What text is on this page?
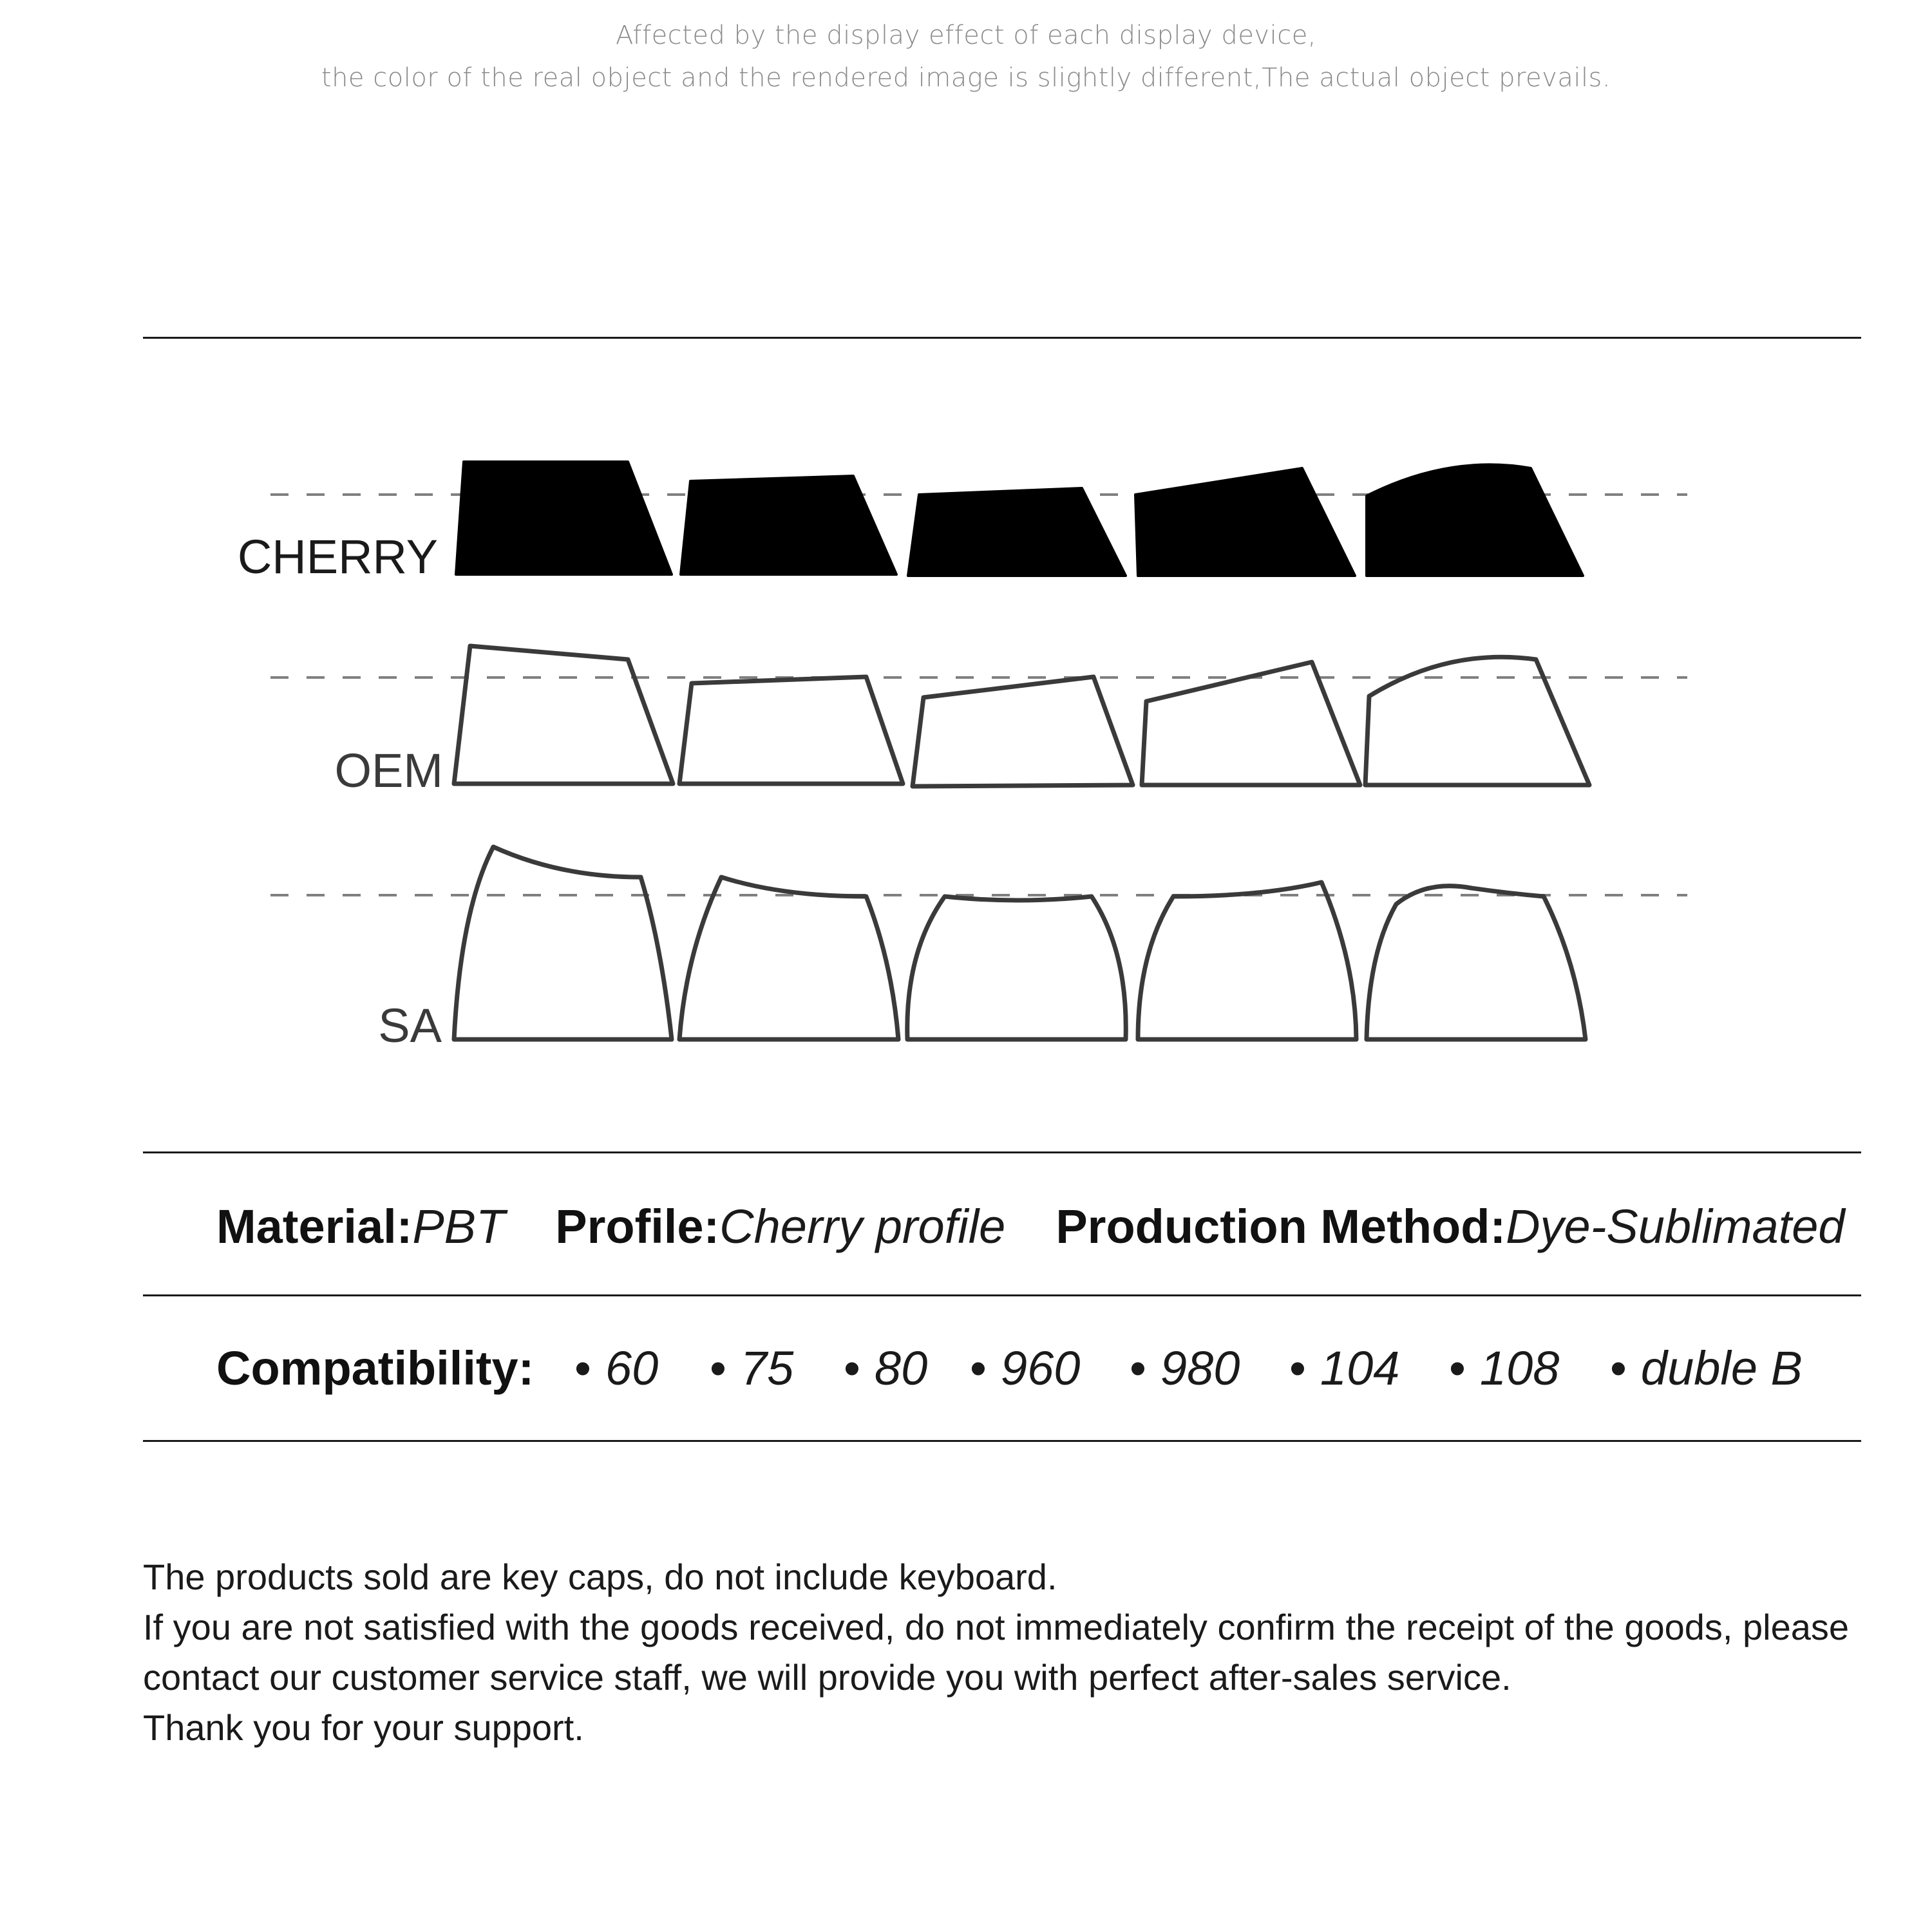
Affected by the display effect of each display device,
the color of the real object and the rendered image is slightly different,The actual object prevails.
CHERRY
OEM
SA
Material:PBT Profile:Cherry profile Production Method:Dye-Sublimated
Compatibility: • 60 • 75 • 80 • 960 • 980 • 104 • 108 • duble B
The products sold are key caps, do not include keyboard.
If you are not satisfied with the goods received, do not immediately confirm the receipt of the goods, please
contact our customer service staff, we will provide you with perfect after-sales service.
Thank you for your support.
